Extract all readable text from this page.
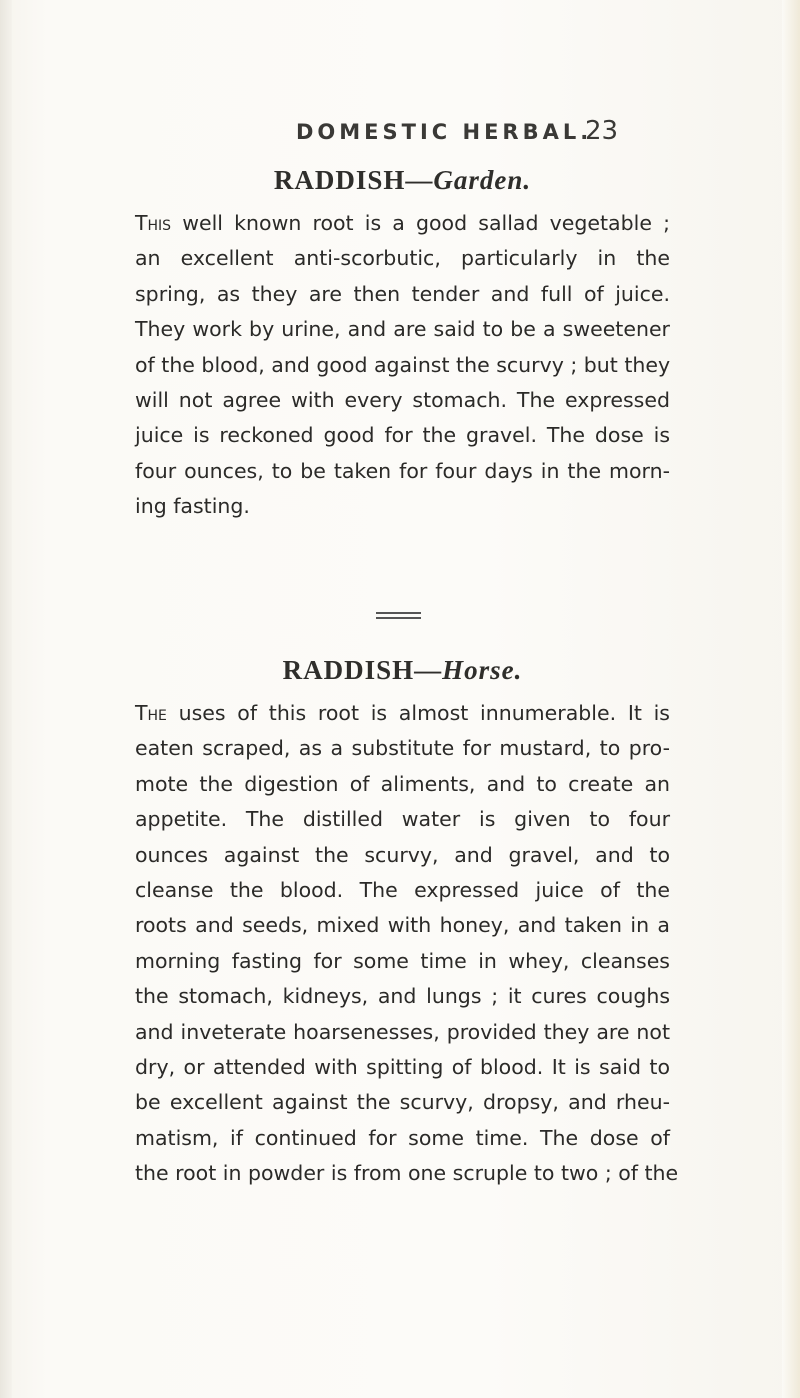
DOMESTIC HERBAL.
23
RADDISH—Garden.

This well known root is a good sallad vegetable ;
an excellent anti-scorbutic, particularly in the
spring, as they are then tender and full of juice.
They work by urine, and are said to be a sweetener
of the blood, and good against the scurvy ; but they
will not agree with every stomach. The expressed
juice is reckoned good for the gravel. The dose is
four ounces, to be taken for four days in the morn-
ing fasting.

RADDISH—Horse.

The uses of this root is almost innumerable. It is
eaten scraped, as a substitute for mustard, to pro-
mote the digestion of aliments, and to create an
appetite. The distilled water is given to four
ounces against the scurvy, and gravel, and to
cleanse the blood. The expressed juice of the
roots and seeds, mixed with honey, and taken in a
morning fasting for some time in whey, cleanses
the stomach, kidneys, and lungs ; it cures coughs
and inveterate hoarsenesses, provided they are not
dry, or attended with spitting of blood. It is said to
be excellent against the scurvy, dropsy, and rheu-
matism, if continued for some time. The dose of
the root in powder is from one scruple to two ; of the
